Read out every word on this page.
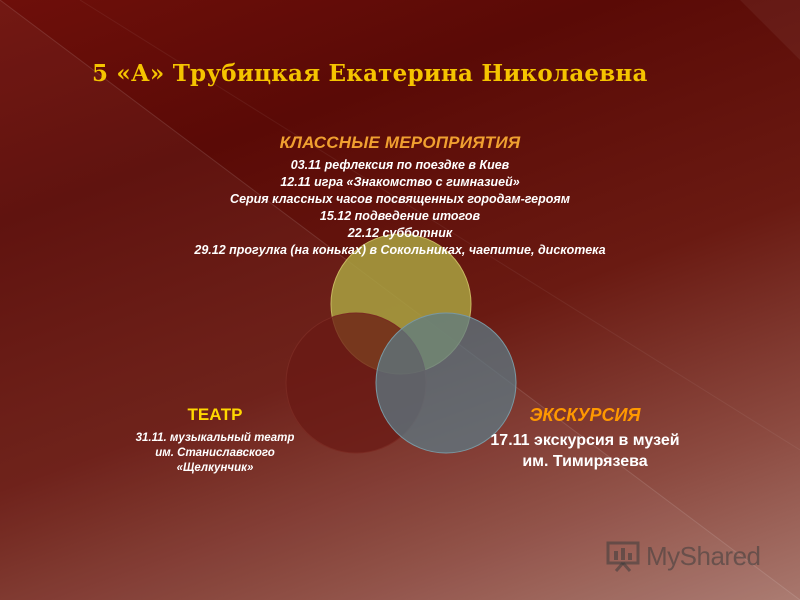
5 «А» Трубицкая Екатерина Николаевна
КЛАССНЫЕ МЕРОПРИЯТИЯ
03.11 рефлексия по поездке в Киев
12.11 игра «Знакомство с гимназией»
Серия классных часов посвященных городам-героям
15.12 подведение итогов
22.12 субботник
29.12 прогулка (на коньках) в Сокольниках, чаепитие, дискотека
ТЕАТР
31.11. музыкальный театр
им. Станиславского
«Щелкунчик»
ЭКСКУРСИЯ
17.11 экскурсия в музей
им. Тимирязева
MyShared
